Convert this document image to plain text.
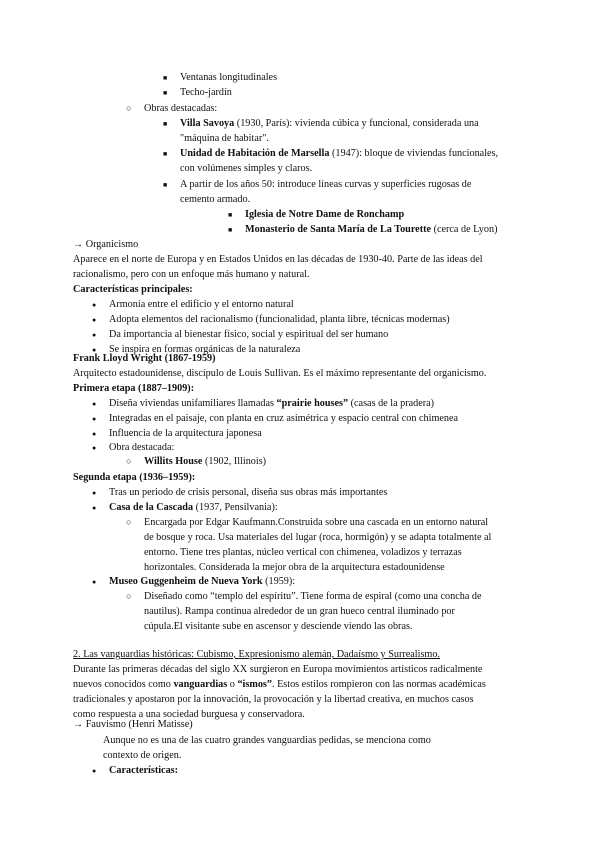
■ Ventanas longitudinales
■ Techo-jardín
○ Obras destacadas:
■ Villa Savoya (1930, París): vivienda cúbica y funcional, considerada una
"máquina de habitar".
■ Unidad de Habitación de Marsella (1947): bloque de viviendas funcionales,
con volúmenes simples y claros.
■ A partir de los años 50: introduce líneas curvas y superficies rugosas de
cemento armado.
■ Iglesia de Notre Dame de Ronchamp
■ Monasterio de Santa María de La Tourette (cerca de Lyon)
→ Organicismo
Aparece en el norte de Europa y en Estados Unidos en las décadas de 1930-40. Parte de las ideas del
racionalismo, pero con un enfoque más humano y natural.
Características principales:
● Armonía entre el edificio y el entorno natural
● Adopta elementos del racionalismo (funcionalidad, planta libre, técnicas modernas)
● Da importancia al bienestar físico, social y espiritual del ser humano
● Se inspira en formas orgánicas de la naturaleza
Frank Lloyd Wright (1867-1959)
Arquitecto estadounidense, discípulo de Louis Sullivan. Es el máximo representante del organicismo.
Primera etapa (1887–1909):
● Diseña viviendas unifamiliares llamadas “prairie houses” (casas de la pradera)
● Integradas en el paisaje, con planta en cruz asimétrica y espacio central con chimenea
● Influencia de la arquitectura japonesa
● Obra destacada:
○ Willits House (1902, Illinois)
Segunda etapa (1936–1959):
● Tras un periodo de crisis personal, diseña sus obras más importantes
● Casa de la Cascada (1937, Pensilvania):
○ Encargada por Edgar Kaufmann.Construida sobre una cascada en un entorno natural
de bosque y roca. Usa materiales del lugar (roca, hormigón) y se adapta totalmente al
entorno. Tiene tres plantas, núcleo vertical con chimenea, voladizos y terrazas
horizontales. Considerada la mejor obra de la arquitectura estadounidense
● Museo Guggenheim de Nueva York (1959):
○ Diseñado como “templo del espíritu”. Tiene forma de espiral (como una concha de
nautilus). Rampa continua alrededor de un gran hueco central iluminado por
cúpula.El visitante sube en ascensor y desciende viendo las obras.
2. Las vanguardias históricas: Cubismo, Expresionismo alemán, Dadaísmo y Surrealismo.
Durante las primeras décadas del siglo XX surgieron en Europa movimientos artísticos radicalmente
nuevos conocidos como vanguardias o “ismos”. Estos estilos rompieron con las normas académicas
tradicionales y apostaron por la innovación, la provocación y la libertad creativa, en muchos casos
como respuesta a una sociedad burguesa y conservadora.
→ Fauvismo (Henri Matisse)
Aunque no es una de las cuatro grandes vanguardias pedidas, se menciona como
contexto de origen.
● Características:
